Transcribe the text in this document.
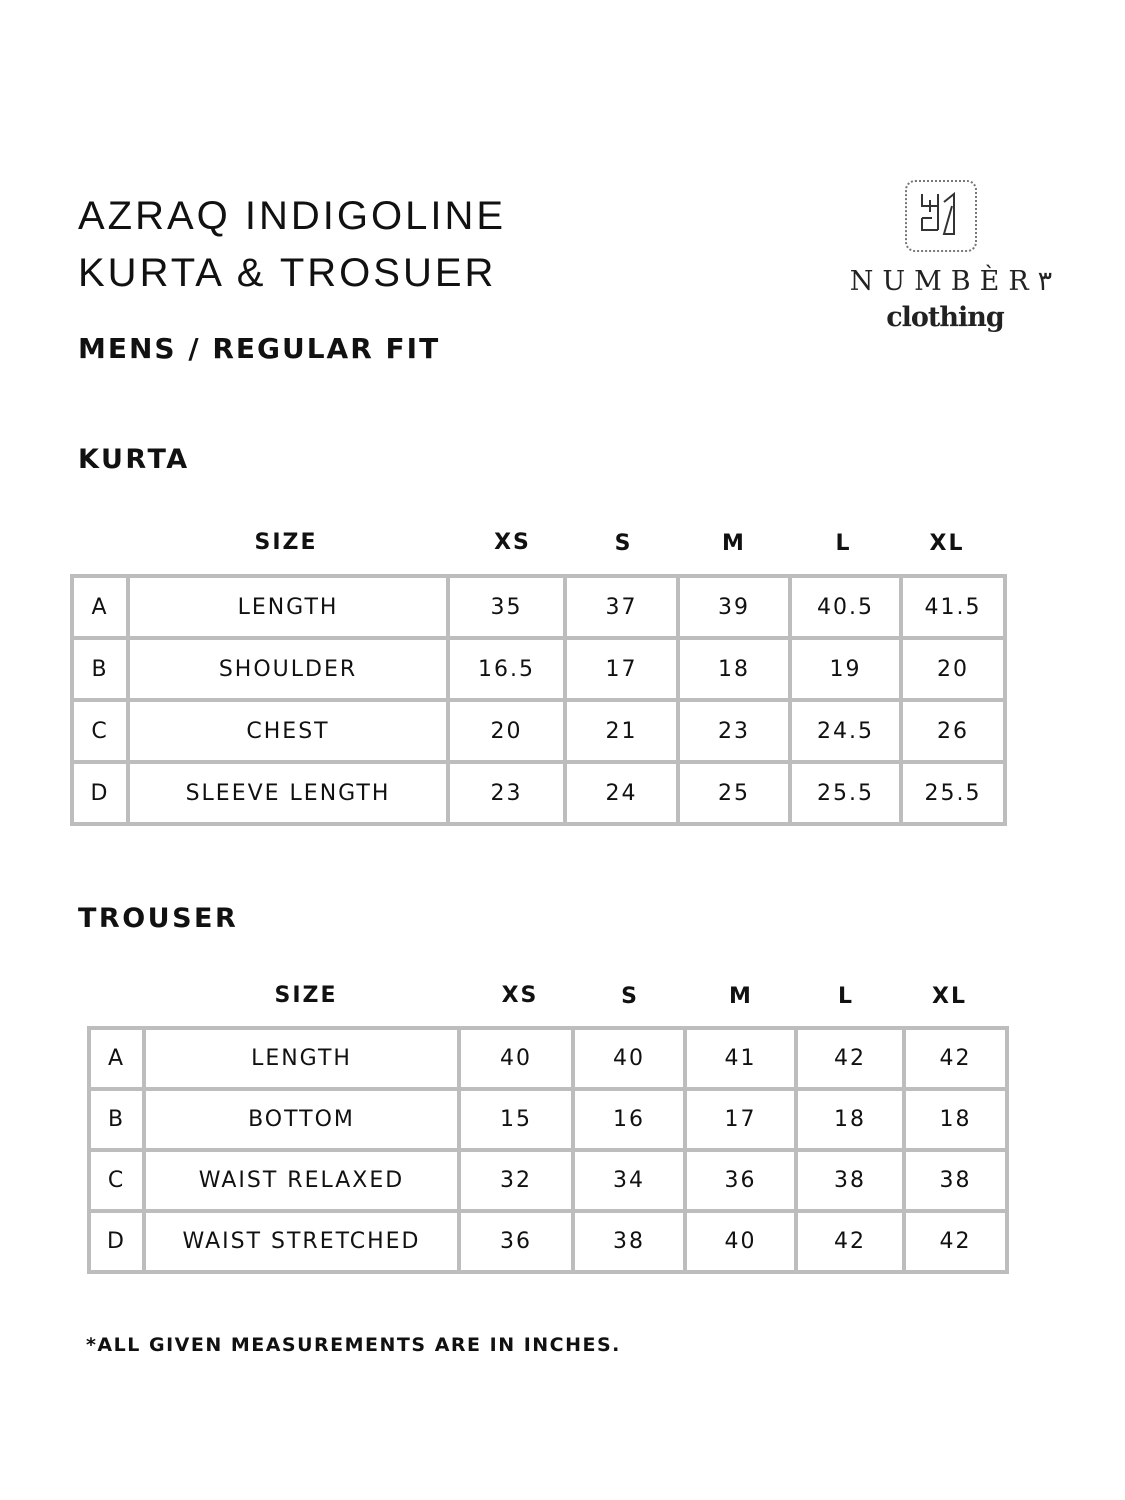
AZRAQ INDIGOLINE
KURTA & TROSUER
MENS / REGULAR FIT
NUMBÈR٣
clothing
KURTA
SIZE	XS	S	M	L	XL
A	LENGTH	35	37	39	40.5	41.5
B	SHOULDER	16.5	17	18	19	20
C	CHEST	20	21	23	24.5	26
D	SLEEVE LENGTH	23	24	25	25.5	25.5
TROUSER
SIZE	XS	S	M	L	XL
A	LENGTH	40	40	41	42	42
B	BOTTOM	15	16	17	18	18
C	WAIST RELAXED	32	34	36	38	38
D	WAIST STRETCHED	36	38	40	42	42
*ALL GIVEN MEASUREMENTS ARE IN INCHES.
